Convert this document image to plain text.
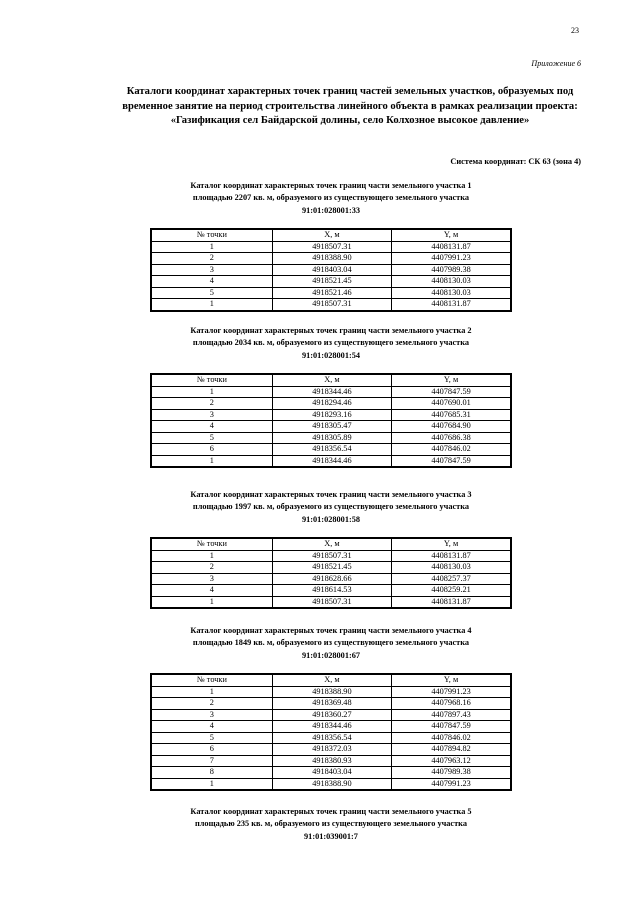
23
Приложение 6
Каталоги координат характерных точек границ частей земельных участков, образуемых под
временное занятие на период строительства линейного объекта в рамках реализации проекта:
«Газификация сел Байдарской долины, село Колхозное высокое давление»
Система координат: СК 63 (зона 4)
Каталог координат характерных точек границ части земельного участка 1
площадью 2207 кв. м, образуемого из существующего земельного участка
91:01:028001:33
№ точки	X, м	Y, м
1	4918507.31	4408131.87
2	4918388.90	4407991.23
3	4918403.04	4407989.38
4	4918521.45	4408130.03
5	4918521.46	4408130.03
1	4918507.31	4408131.87
Каталог координат характерных точек границ части земельного участка 2
площадью 2034 кв. м, образуемого из существующего земельного участка
91:01:028001:54
№ точки	X, м	Y, м
1	4918344.46	4407847.59
2	4918294.46	4407690.01
3	4918293.16	4407685.31
4	4918305.47	4407684.90
5	4918305.89	4407686.38
6	4918356.54	4407846.02
1	4918344.46	4407847.59
Каталог координат характерных точек границ части земельного участка 3
площадью 1997 кв. м, образуемого из существующего земельного участка
91:01:028001:58
№ точки	X, м	Y, м
1	4918507.31	4408131.87
2	4918521.45	4408130.03
3	4918628.66	4408257.37
4	4918614.53	4408259.21
1	4918507.31	4408131.87
Каталог координат характерных точек границ части земельного участка 4
площадью 1849 кв. м, образуемого из существующего земельного участка
91:01:028001:67
№ точки	X, м	Y, м
1	4918388.90	4407991.23
2	4918369.48	4407968.16
3	4918360.27	4407897.43
4	4918344.46	4407847.59
5	4918356.54	4407846.02
6	4918372.03	4407894.82
7	4918380.93	4407963.12
8	4918403.04	4407989.38
1	4918388.90	4407991.23
Каталог координат характерных точек границ части земельного участка 5
площадью 235 кв. м, образуемого из существующего земельного участка
91:01:039001:7
